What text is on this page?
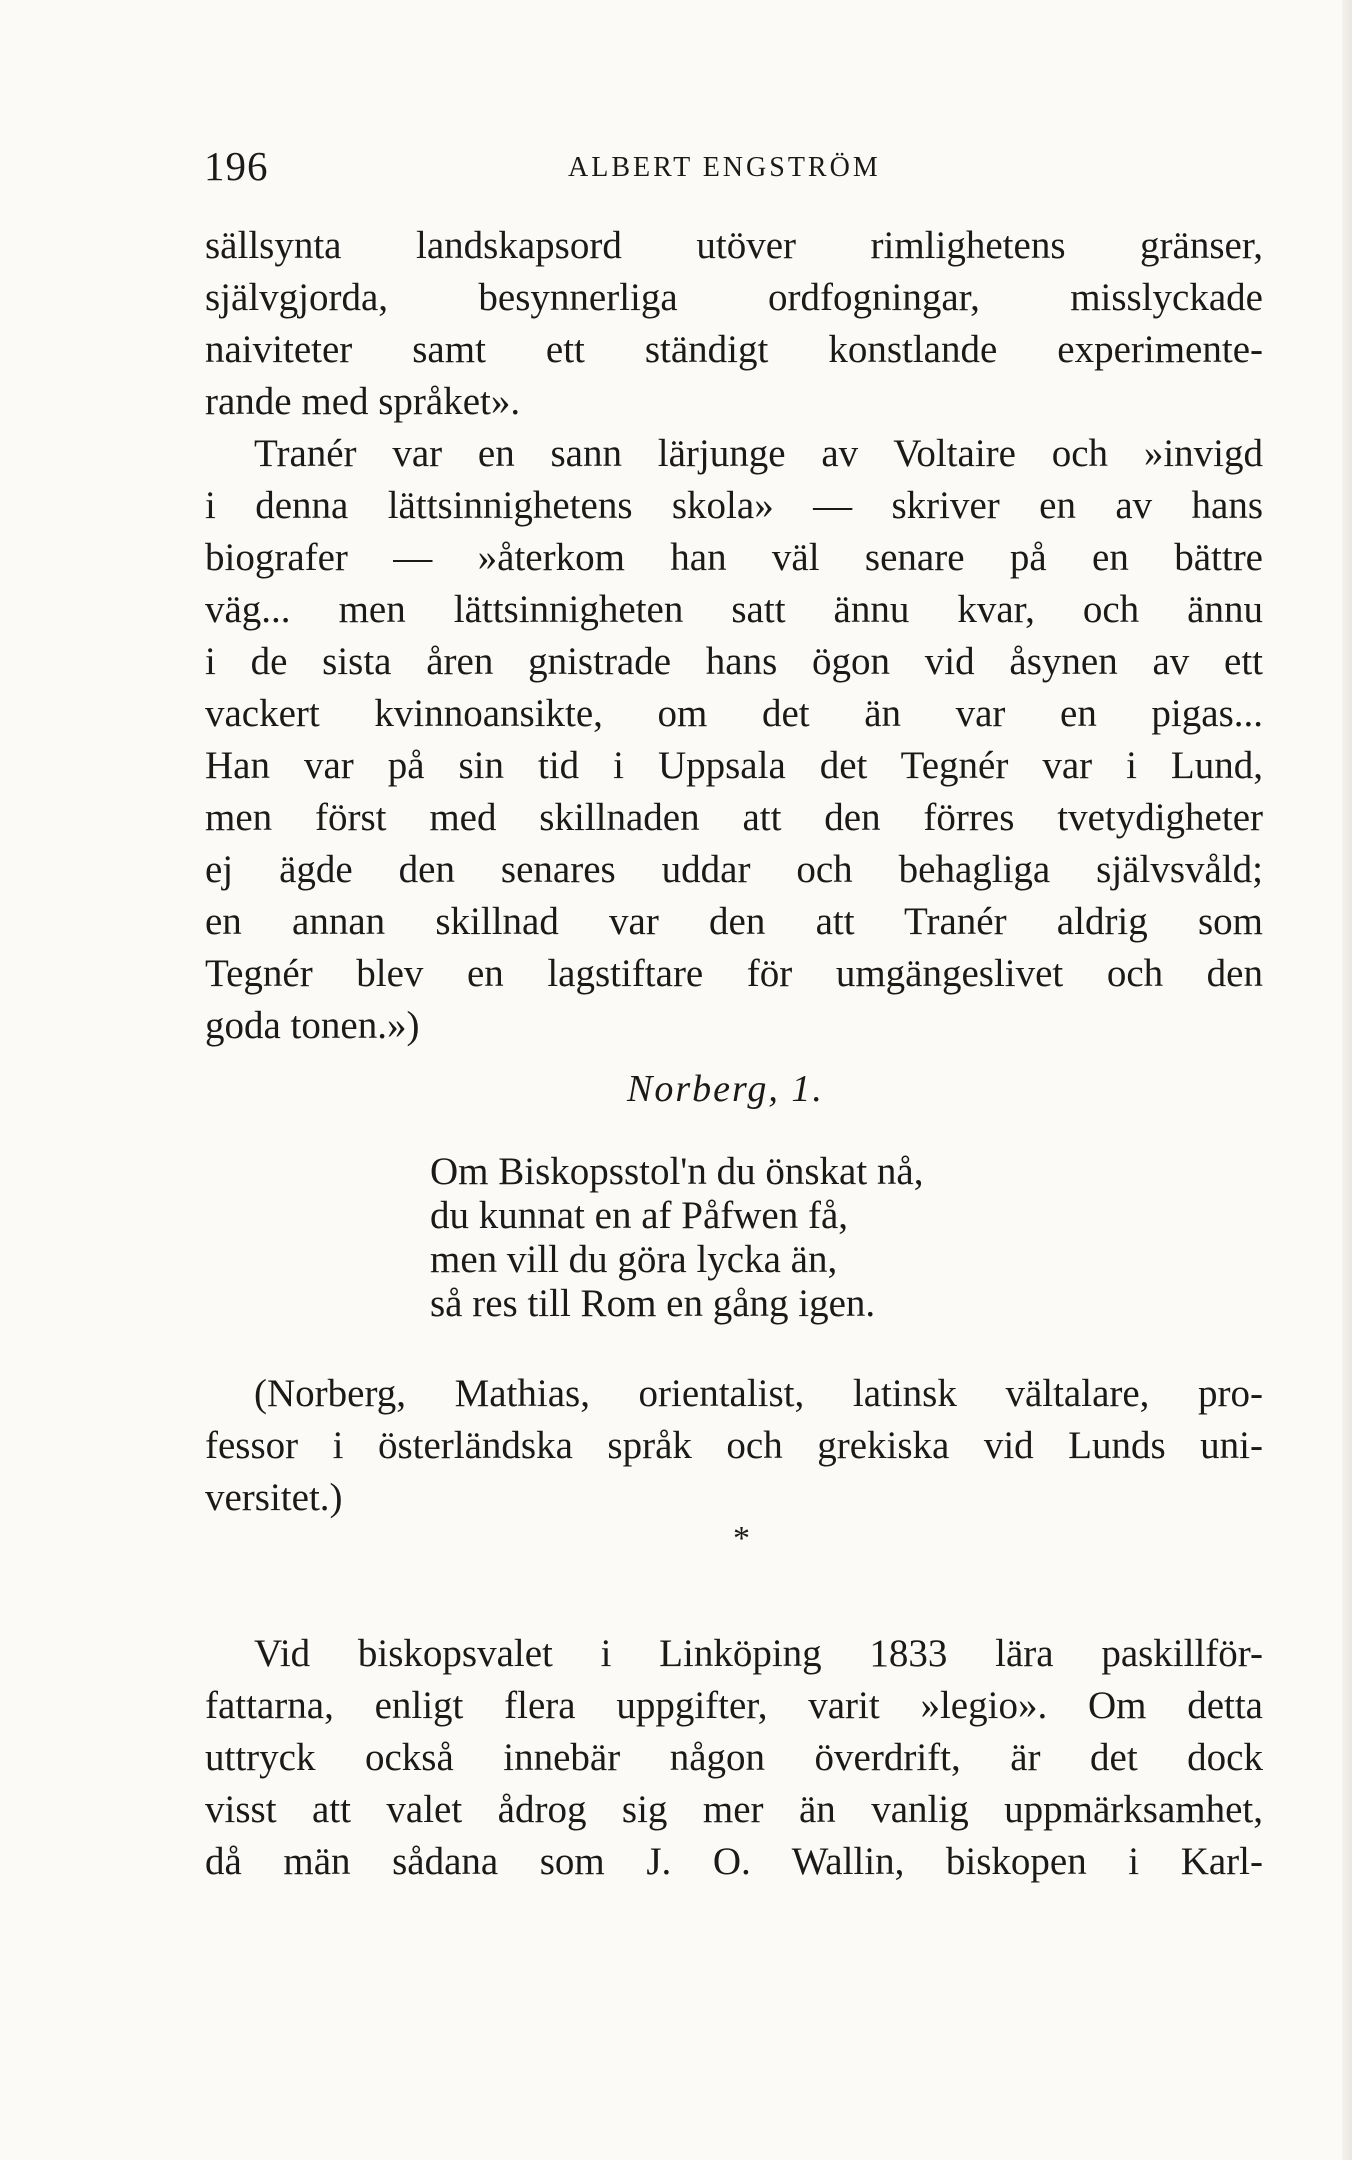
196	ALBERT ENGSTRÖM
sällsynta landskapsord utöver rimlighetens gränser,
självgjorda, besynnerliga ordfogningar, misslyckade
naiviteter samt ett ständigt konstlande experimente-
rande med språket».
Tranér var en sann lärjunge av Voltaire och »invigd
i denna lättsinnighetens skola» — skriver en av hans
biografer — »återkom han väl senare på en bättre
väg... men lättsinnigheten satt ännu kvar, och ännu
i de sista åren gnistrade hans ögon vid åsynen av ett
vackert kvinnoansikte, om det än var en pigas...
Han var på sin tid i Uppsala det Tegnér var i Lund,
men först med skillnaden att den förres tvetydigheter
ej ägde den senares uddar och behagliga självsvåld;
en annan skillnad var den att Tranér aldrig som
Tegnér blev en lagstiftare för umgängeslivet och den
goda tonen.»)
Norberg, 1.
Om Biskopsstol'n du önskat nå,
du kunnat en af Påfwen få,
men vill du göra lycka än,
så res till Rom en gång igen.
(Norberg, Mathias, orientalist, latinsk vältalare, pro-
fessor i österländska språk och grekiska vid Lunds uni-
versitet.)
*
Vid biskopsvalet i Linköping 1833 lära paskillför-
fattarna, enligt flera uppgifter, varit »legio». Om detta
uttryck också innebär någon överdrift, är det dock
visst att valet ådrog sig mer än vanlig uppmärksamhet,
då män sådana som J. O. Wallin, biskopen i Karl-
